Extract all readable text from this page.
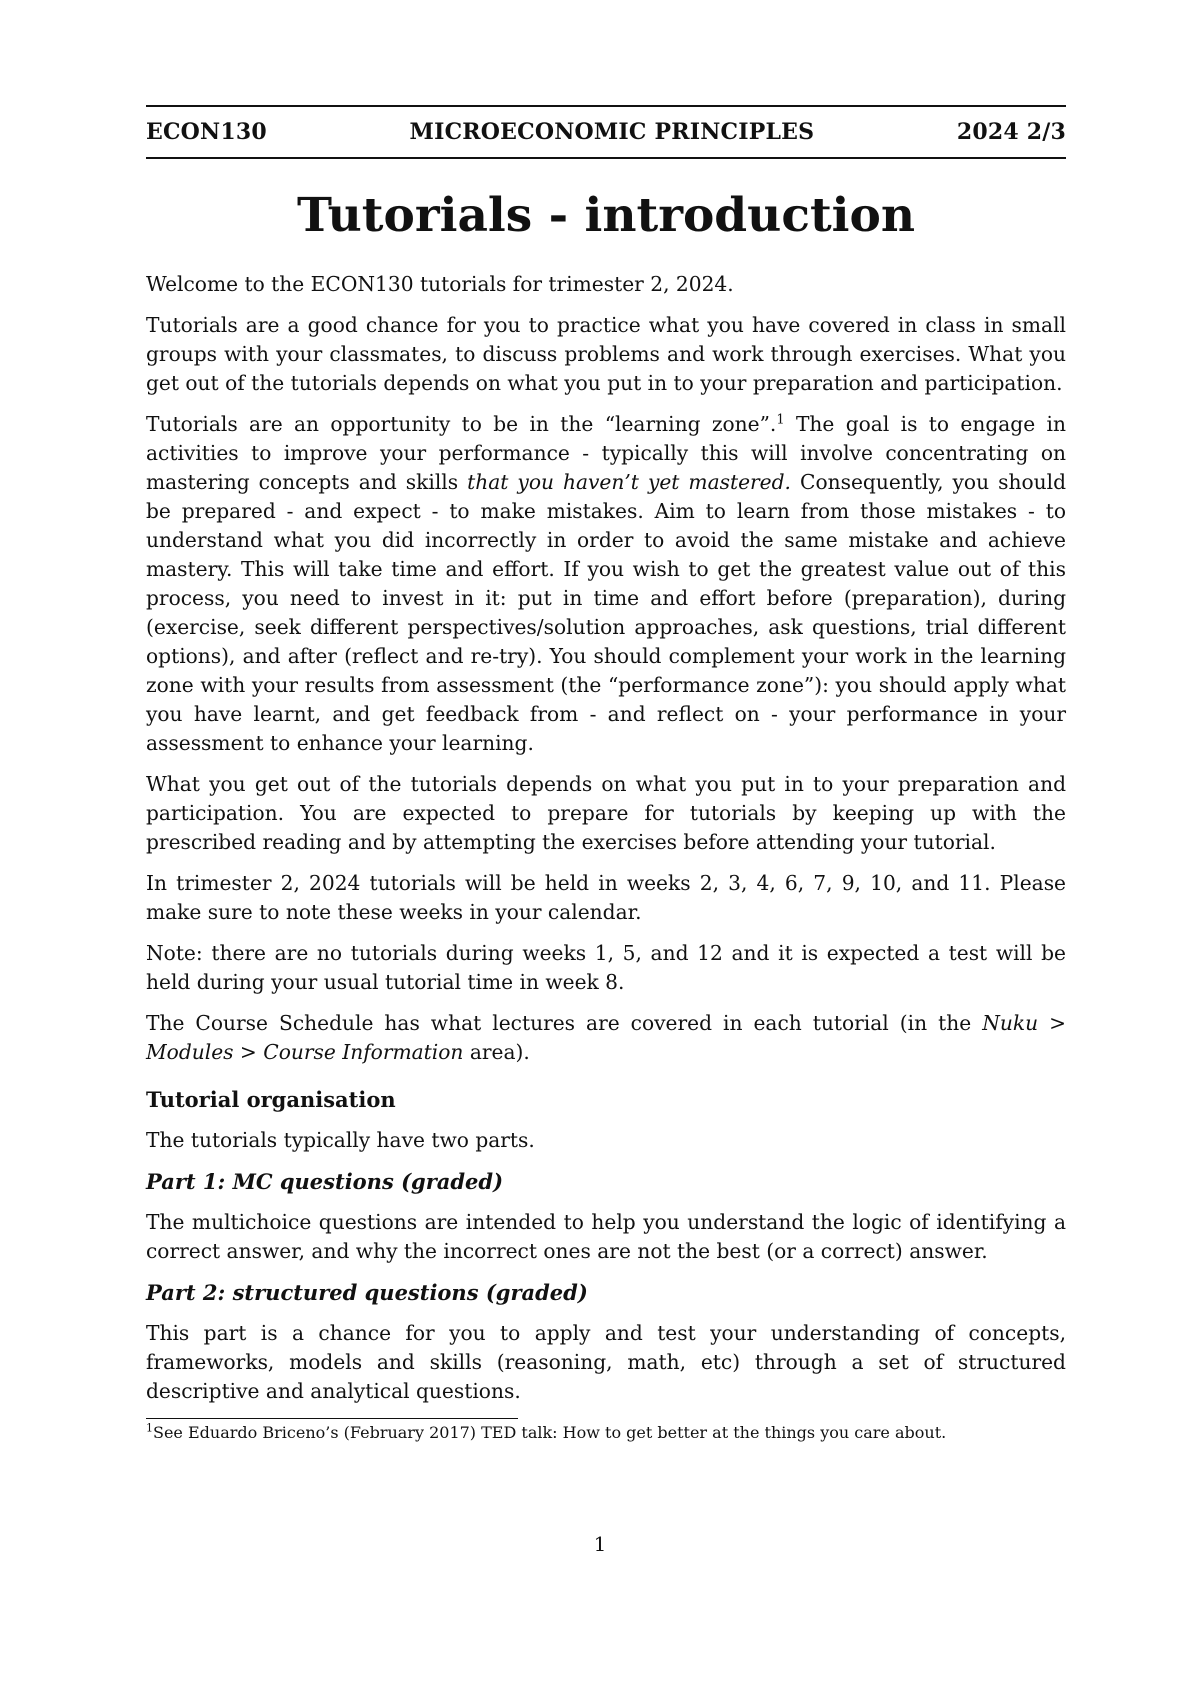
ECON130	MICROECONOMIC PRINCIPLES	2024 2/3
Tutorials - introduction

Welcome to the ECON130 tutorials for trimester 2, 2024.

Tutorials are a good chance for you to practice what you have covered in class in small groups with your classmates, to discuss problems and work through exercises. What you get out of the tutorials depends on what you put in to your preparation and participation.

Tutorials are an opportunity to be in the “learning zone”.$^1$ The goal is to engage in activities to improve your performance - typically this will involve concentrating on mastering concepts and skills that you haven’t yet mastered. Consequently, you should be prepared - and expect - to make mistakes. Aim to learn from those mistakes - to understand what you did incorrectly in order to avoid the same mistake and achieve mastery. This will take time and effort. If you wish to get the greatest value out of this process, you need to invest in it: put in time and effort before (preparation), during (exercise, seek different perspectives/solution approaches, ask questions, trial different options), and after (reflect and re-try). You should complement your work in the learning zone with your results from assessment (the “performance zone”): you should apply what you have learnt, and get feedback from - and reflect on - your performance in your assessment to enhance your learning.

What you get out of the tutorials depends on what you put in to your preparation and participation. You are expected to prepare for tutorials by keeping up with the prescribed reading and by attempting the exercises before attending your tutorial.

In trimester 2, 2024 tutorials will be held in weeks 2, 3, 4, 6, 7, 9, 10, and 11. Please make sure to note these weeks in your calendar.

Note: there are no tutorials during weeks 1, 5, and 12 and it is expected a test will be held during your usual tutorial time in week 8.

The Course Schedule has what lectures are covered in each tutorial (in the Nuku > Modules > Course Information area).

Tutorial organisation

The tutorials typically have two parts.

Part 1: MC questions (graded)

The multichoice questions are intended to help you understand the logic of identifying a correct answer, and why the incorrect ones are not the best (or a correct) answer.

Part 2: structured questions (graded)

This part is a chance for you to apply and test your understanding of concepts, frameworks, models and skills (reasoning, math, etc) through a set of structured descriptive and analytical questions.

$^1$See Eduardo Briceno’s (February 2017) TED talk: How to get better at the things you care about.
1
